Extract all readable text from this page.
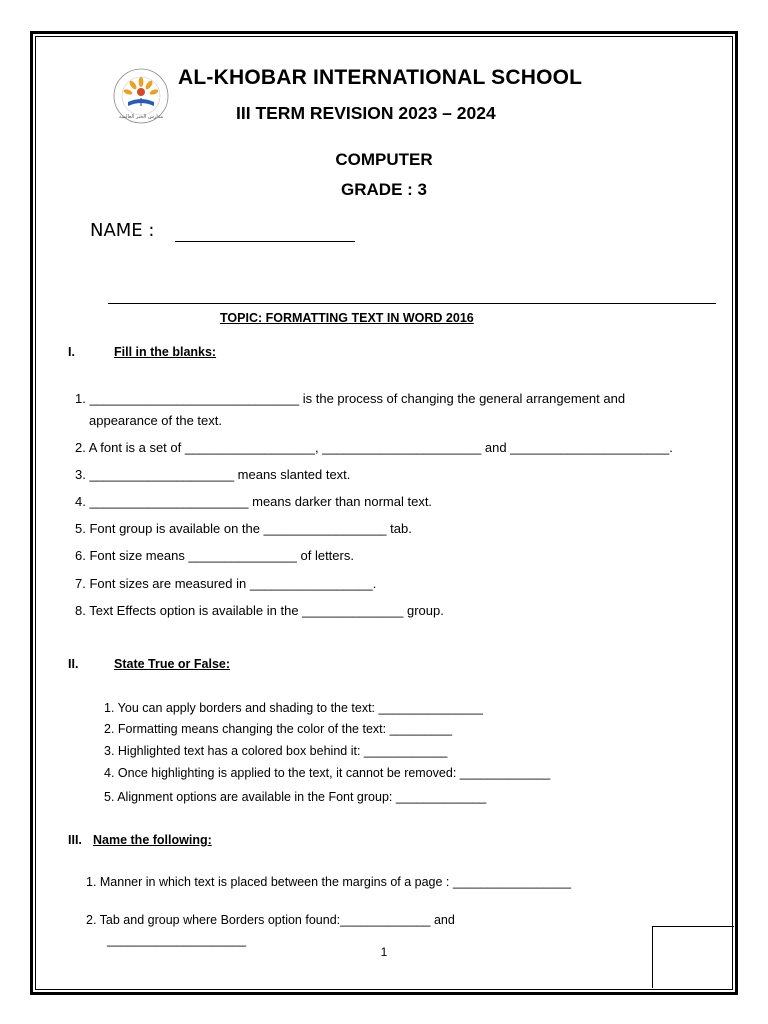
مدارس الخبر العالمية
AL-KHOBAR INTERNATIONAL SCHOOL
III TERM REVISION 2023 – 2024
COMPUTER
GRADE : 3
NAME :
TOPIC: FORMATTING TEXT IN WORD 2016
I.	Fill in the blanks:
1. _____________________________ is the process of changing the general arrangement and
appearance of the text.
2. A font is a set of __________________, ______________________ and ______________________.
3. ____________________ means slanted text.
4. ______________________ means darker than normal text.
5. Font group is available on the _________________ tab.
6. Font size means _______________ of letters.
7. Font sizes are measured in _________________.
8. Text Effects option is available in the ______________ group.
II.	State True or False:
1. You can apply borders and shading to the text: _______________
2. Formatting means changing the color of the text: _________
3. Highlighted text has a colored box behind it: ____________
4. Once highlighting is applied to the text, it cannot be removed: _____________
5. Alignment options are available in the Font group: _____________
III. Name the following:
1. Manner in which text is placed between the margins of a page : _________________
2. Tab and group where Borders option found:_____________ and
____________________
1
